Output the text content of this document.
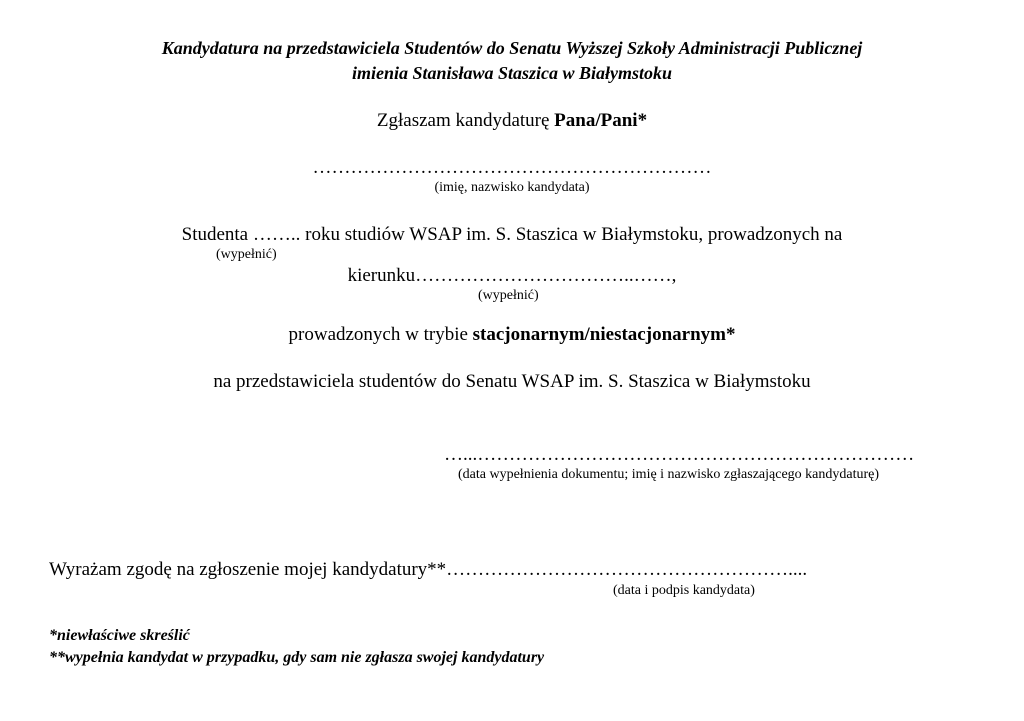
Kandydatura na przedstawiciela Studentów do Senatu Wyższej Szkoły Administracji Publicznej
imienia Stanisława Staszica w Białymstoku
Zgłaszam kandydaturę Pana/Pani*
………………………………………………………
(imię, nazwisko kandydata)
Studenta …….. roku studiów WSAP im. S. Staszica w Białymstoku, prowadzonych na
(wypełnić)
kierunku……………………………..……,
(wypełnić)
prowadzonych w trybie stacjonarnym/niestacjonarnym*
na przedstawiciela studentów do Senatu WSAP im. S. Staszica w Białymstoku
…...……………………………………………………………
(data wypełnienia dokumentu; imię i nazwisko zgłaszającego kandydaturę)
Wyrażam zgodę na zgłoszenie mojej kandydatury**………………………………………………....
(data i podpis kandydata)
*niewłaściwe skreślić
**wypełnia kandydat w przypadku, gdy sam nie zgłasza swojej kandydatury
